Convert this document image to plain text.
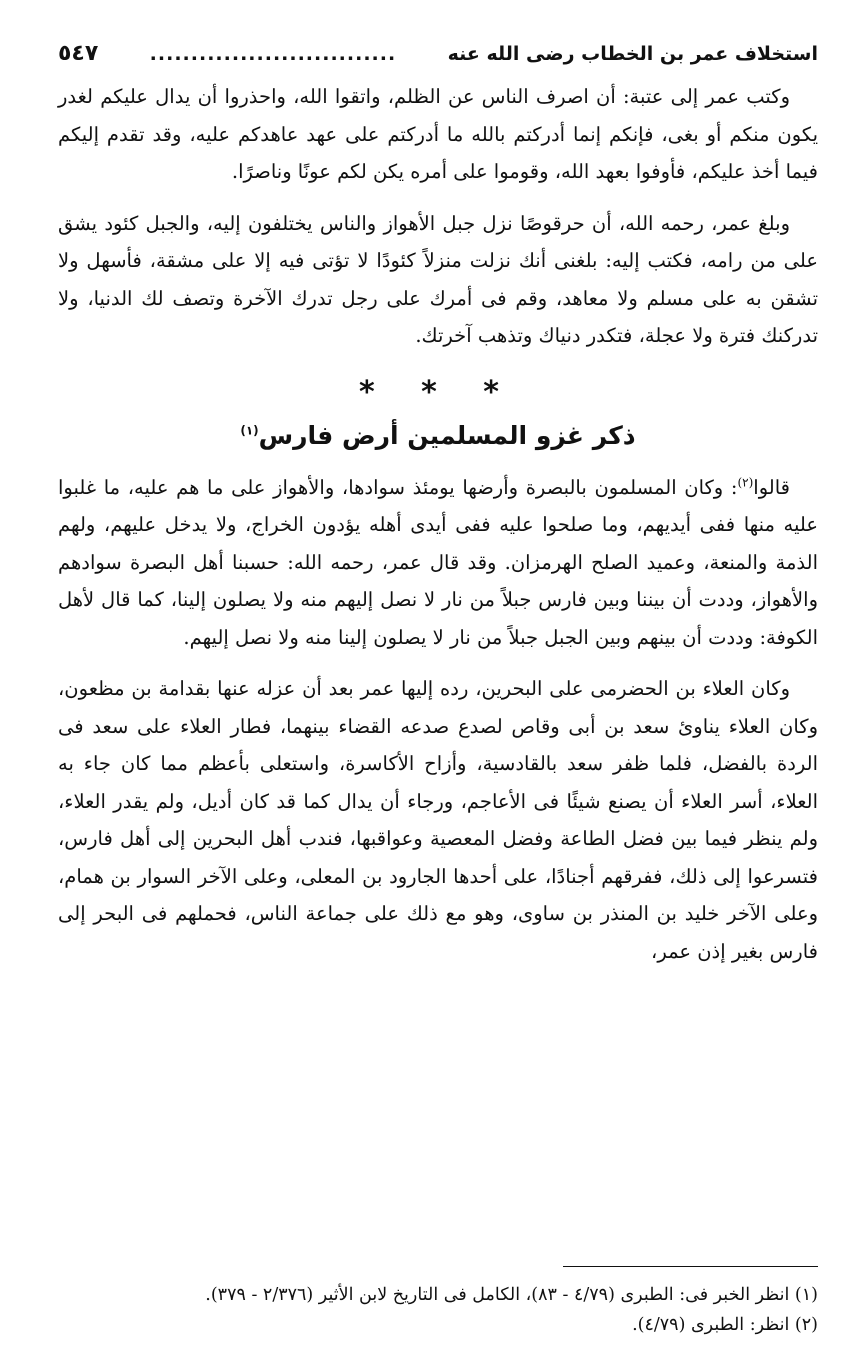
استخلاف عمر بن الخطاب رضى الله عنه
..............................
٥٤٧

وكتب عمر إلى عتبة: أن اصرف الناس عن الظلم، واتقوا الله، واحذروا أن يدال عليكم لغدر يكون منكم أو بغى، فإنكم إنما أدركتم بالله ما أدركتم على عهد عاهدكم عليه، وقد تقدم إليكم فيما أخذ عليكم، فأوفوا بعهد الله، وقوموا على أمره يكن لكم عونًا وناصرًا.

وبلغ عمر، رحمه الله، أن حرقوصًا نزل جبل الأهواز والناس يختلفون إليه، والجبل كئود يشق على من رامه، فكتب إليه: بلغنى أنك نزلت منزلاً كئودًا لا تؤتى فيه إلا على مشقة، فأسهل ولا تشقن به على مسلم ولا معاهد، وقم فى أمرك على رجل تدرك الآخرة وتصف لك الدنيا، ولا تدركنك فترة ولا عجلة، فتكدر دنياك وتذهب آخرتك.

* * *
ذكر غزو المسلمين أرض فارس$^{(١)}$

قالوا$^{(٢)}$: وكان المسلمون بالبصرة وأرضها يومئذ سوادها، والأهواز على ما هم عليه، ما غلبوا عليه منها ففى أيديهم، وما صلحوا عليه ففى أيدى أهله يؤدون الخراج، ولا يدخل عليهم، ولهم الذمة والمنعة، وعميد الصلح الهرمزان. وقد قال عمر، رحمه الله: حسبنا أهل البصرة سوادهم والأهواز، وددت أن بيننا وبين فارس جبلاً من نار لا نصل إليهم منه ولا يصلون إلينا، كما قال لأهل الكوفة: وددت أن بينهم وبين الجبل جبلاً من نار لا يصلون إلينا منه ولا نصل إليهم.

وكان العلاء بن الحضرمى على البحرين، رده إليها عمر بعد أن عزله عنها بقدامة بن مظعون، وكان العلاء يناوئ سعد بن أبى وقاص لصدع صدعه القضاء بينهما، فطار العلاء على سعد فى الردة بالفضل، فلما ظفر سعد بالقادسية، وأزاح الأكاسرة، واستعلى بأعظم مما كان جاء به العلاء، أسر العلاء أن يصنع شيئًا فى الأعاجم، ورجاء أن يدال كما قد كان أديل، ولم يقدر العلاء، ولم ينظر فيما بين فضل الطاعة وفضل المعصية وعواقبها، فندب أهل البحرين إلى أهل فارس، فتسرعوا إلى ذلك، ففرقهم أجنادًا، على أحدها الجارود بن المعلى، وعلى الآخر السوار بن همام، وعلى الآخر خليد بن المنذر بن ساوى، وهو مع ذلك على جماعة الناس، فحملهم فى البحر إلى فارس بغير إذن عمر،

(١) انظر الخبر فى: الطبرى (٤/٧٩ - ٨٣)، الكامل فى التاريخ لابن الأثير (٢/٣٧٦ - ٣٧٩).
(٢) انظر: الطبرى (٤/٧٩).
